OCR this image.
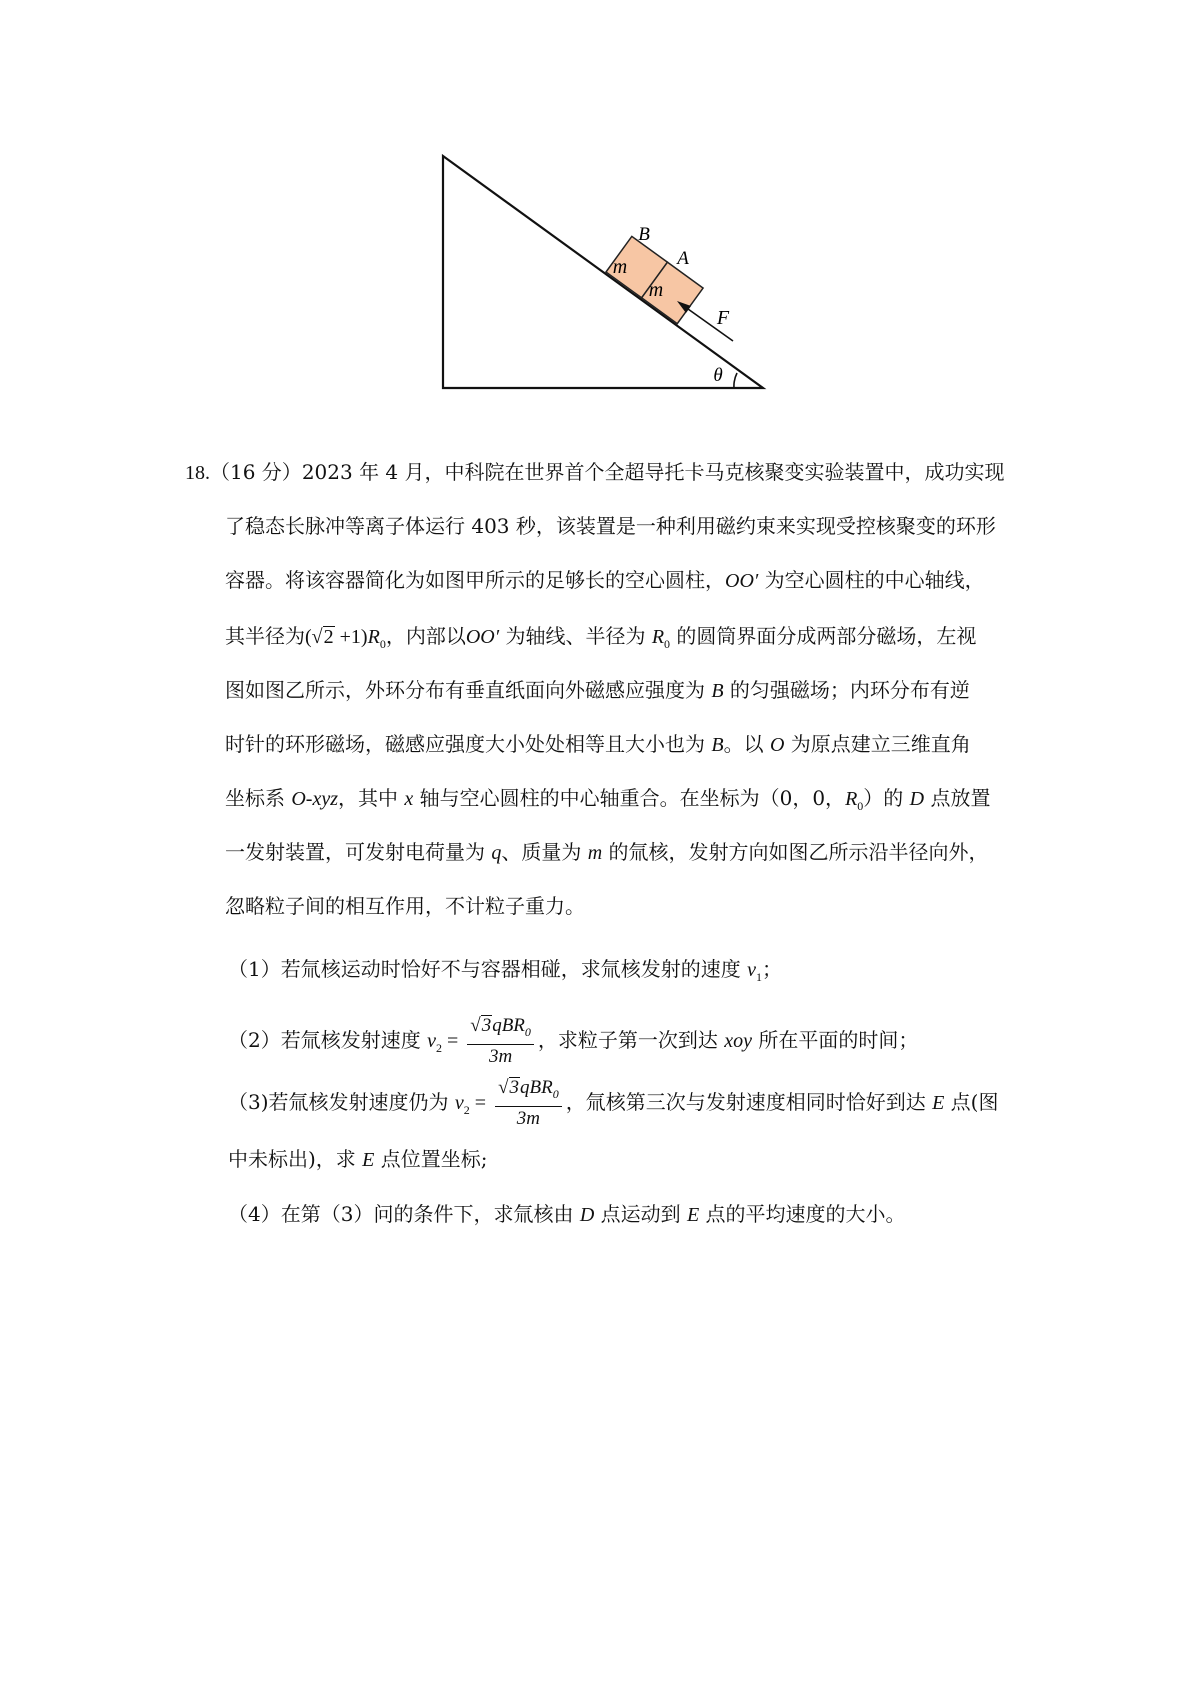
m
m
B
A
F
θ
18.（16 分）2023 年 4 月，中科院在世界首个全超导托卡马克核聚变实验装置中，成功实现
了稳态长脉冲等离子体运行 403 秒，该装置是一种利用磁约束来实现受控核聚变的环形
容器。将该容器简化为如图甲所示的足够长的空心圆柱，OO′ 为空心圆柱的中心轴线，
其半径为$(√2 +1)R_0$，内部以OO′ 为轴线、半径为 $R_0$ 的圆筒界面分成两部分磁场，左视
图如图乙所示，外环分布有垂直纸面向外磁感应强度为 B 的匀强磁场；内环分布有逆
时针的环形磁场，磁感应强度大小处处相等且大小也为 B。以 O 为原点建立三维直角
坐标系 O-xyz，其中 x 轴与空心圆柱的中心轴重合。在坐标为（0，0，$R_0$）的 D 点放置
一发射装置，可发射电荷量为 q、质量为 m 的氚核，发射方向如图乙所示沿半径向外，
忽略粒子间的相互作用，不计粒子重力。
（1）若氚核运动时恰好不与容器相碰，求氚核发射的速度 $v_1$；
（2）若氚核发射速度 $v_2 = \frac{√3qBR_0}{3m}$ ，求粒子第一次到达 xoy 所在平面的时间；
（3)若氚核发射速度仍为 $v_2 = \frac{√3qBR_0}{3m}$ ，氚核第三次与发射速度相同时恰好到达 E 点(图
中未标出)，求 E 点位置坐标;
（4）在第（3）问的条件下，求氚核由 D 点运动到 E 点的平均速度的大小。
